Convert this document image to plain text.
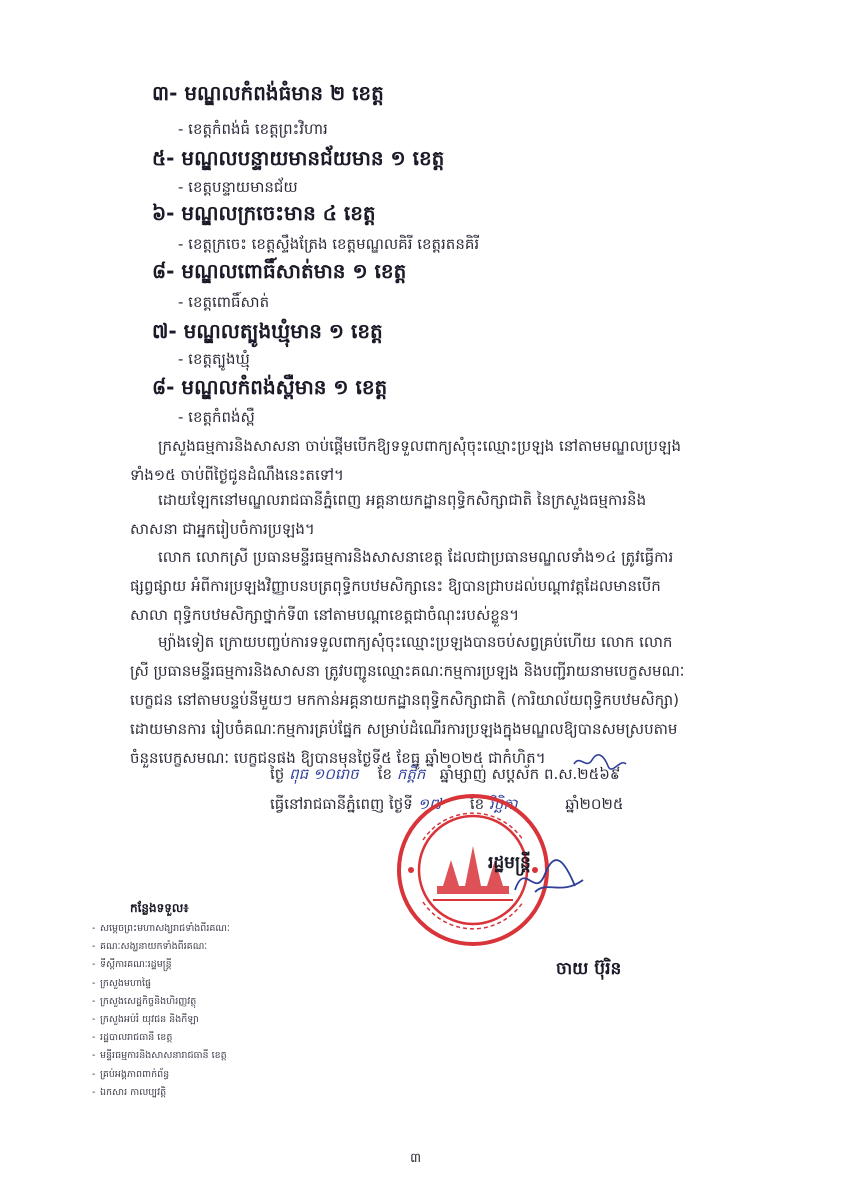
៣- មណ្ឌលកំពង់ធំមាន ២ ខេត្ត
- ខេត្តកំពង់ធំ ខេត្តព្រះវិហារ
៥- មណ្ឌលបន្ទាយមានជ័យមាន ១ ខេត្ត
- ខេត្តបន្ទាយមានជ័យ
៦- មណ្ឌលក្រចេះមាន ៤ ខេត្ត
- ខេត្តក្រចេះ ខេត្តស្ទឹងត្រែង ខេត្តមណ្ឌលគិរី ខេត្តរតនគិរី
៨- មណ្ឌលពោធិ៍សាត់មាន ១ ខេត្ត
- ខេត្តពោធិ៍សាត់
៧- មណ្ឌលត្បូងឃ្មុំមាន ១ ខេត្ត
- ខេត្តត្បូងឃ្មុំ
៨- មណ្ឌលកំពង់ស្ពឺមាន ១ ខេត្ត
- ខេត្តកំពង់ស្ពឺ
ក្រសួងធម្មការនិងសាសនា ចាប់ផ្តើមបើកឱ្យទទួលពាក្យសុំចុះឈ្មោះប្រឡង នៅតាមមណ្ឌលប្រឡង
ទាំង១៥ ចាប់ពីថ្ងៃជូនដំណឹងនេះតទៅ។
ដោយឡែកនៅមណ្ឌលរាជធានីភ្នំពេញ អគ្គនាយកដ្ឋានពុទ្ធិកសិក្សាជាតិ នៃក្រសួងធម្មការនិង
សាសនា ជាអ្នករៀបចំការប្រឡង។
លោក លោកស្រី ប្រធានមន្ទីរធម្មការនិងសាសនាខេត្ត ដែលជាប្រធានមណ្ឌលទាំង១៤ ត្រូវធ្វើការ
ផ្សព្វផ្សាយ អំពីការប្រឡងវិញ្ញាបនបត្រពុទ្ធិកបឋមសិក្សានេះ ឱ្យបានជ្រាបដល់បណ្តាវត្តដែលមានបើក
សាលា ពុទ្ធិកបឋមសិក្សាថ្នាក់ទី៣ នៅតាមបណ្តាខេត្តជាចំណុះរបស់ខ្លួន។
ម្យ៉ាងទៀត ក្រោយបញ្ចប់ការទទួលពាក្យសុំចុះឈ្មោះប្រឡងបានចប់សព្វគ្រប់ហើយ លោក លោក
ស្រី ប្រធានមន្ទីរធម្មការនិងសាសនា ត្រូវបញ្ជូនឈ្មោះគណៈកម្មការប្រឡង និងបញ្ជីរាយនាមបេក្ខសមណៈ
បេក្ខជន នៅតាមបន្ទប់នីមួយៗ មកកាន់អគ្គនាយកដ្ឋានពុទ្ធិកសិក្សាជាតិ (ការិយាល័យពុទ្ធិកបឋមសិក្សា)
ដោយមានការ រៀបចំគណៈកម្មការគ្រប់ផ្នែក សម្រាប់ដំណើរការប្រឡងក្នុងមណ្ឌលឱ្យបានសមស្របតាម
ចំនួនបេក្ខសមណៈ បេក្ខជនផង ឱ្យបានមុនថ្ងៃទី៥ ខែធ្នូ ឆ្នាំ២០២៥ ជាកំហិត។
ថ្ងៃ ពុធ ១០រោច ខែ កត្តិក ឆ្នាំម្សាញ់ សប្តស័ក ព.ស.២៥៦៩
ធ្វើនៅរាជធានីភ្នំពេញ ថ្ងៃទី ១៧ ខែ វិច្ឆិកា	ឆ្នាំ២០២៥
រដ្ឋមន្ត្រី
ចាយ ប៊ុរិន
កន្លែងទទួល៖
- សម្តេចព្រះមហាសង្ឃរាជទាំងពីរគណៈ
- គណៈសង្ឃនាយកទាំងពីរគណៈ
- ទីស្តីការគណៈរដ្ឋមន្ត្រី
- ក្រសួងមហាផ្ទៃ
- ក្រសួងសេដ្ឋកិច្ចនិងហិរញ្ញវត្ថុ
- ក្រសួងអប់រំ យុវជន និងកីឡា
- រដ្ឋបាលរាជធានី ខេត្ត
- មន្ទីរធម្មការនិងសាសនារាជធានី ខេត្ត
- គ្រប់អង្គភាពពាក់ព័ន្ធ
- ឯកសារ កាលប្បវត្តិ
៣
